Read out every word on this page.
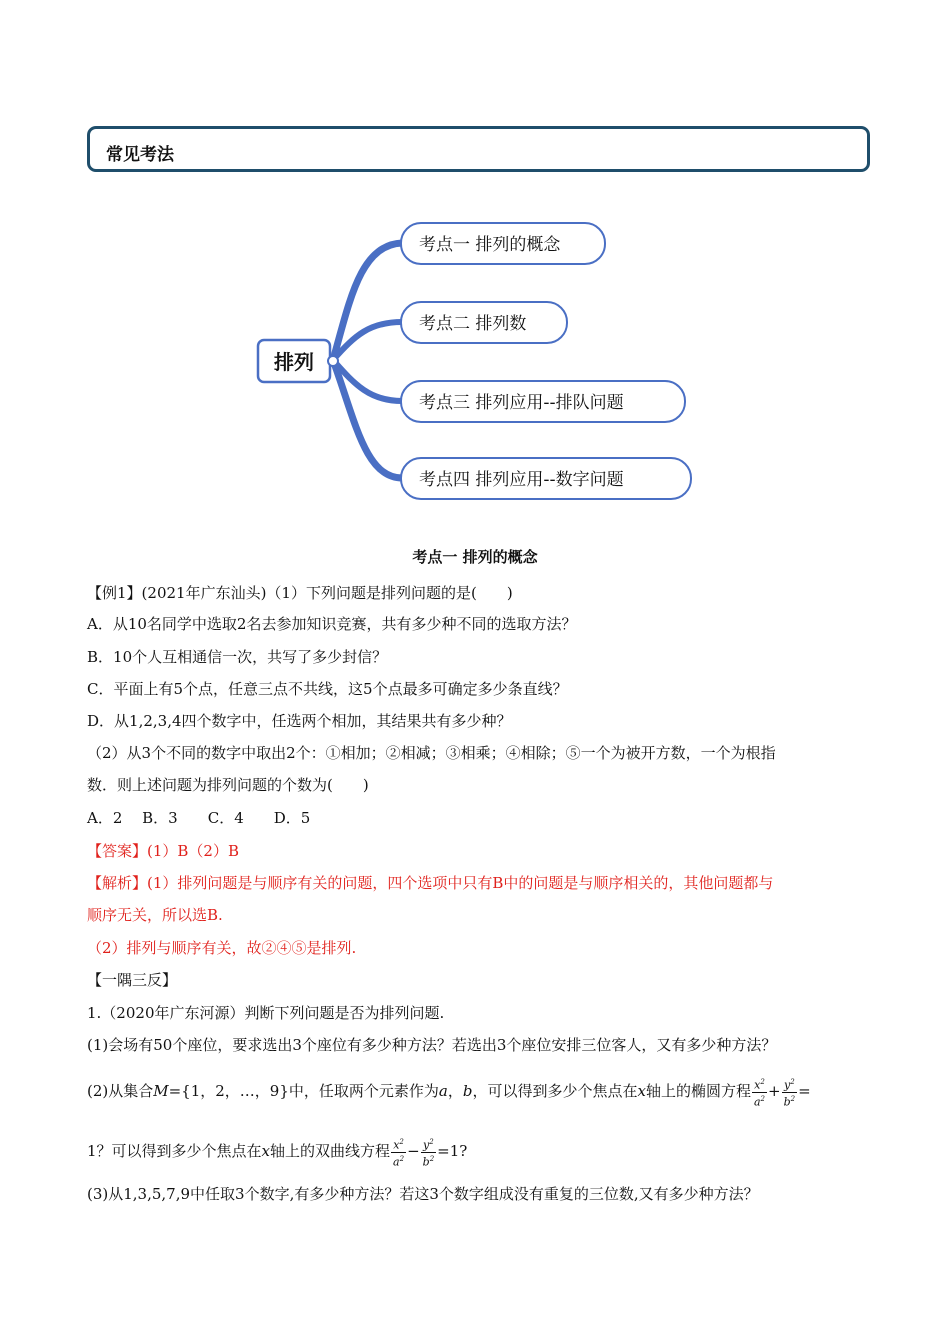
常见考法
排列
考点一 排列的概念
考点二 排列数
考点三 排列应用--排队问题
考点四 排列应用--数字问题
考点一 排列的概念
【例1】(2021年广东汕头)（1）下列问题是排列问题的是(　　)
A．从10名同学中选取2名去参加知识竞赛，共有多少种不同的选取方法？
B．10个人互相通信一次，共写了多少封信？
C．平面上有5个点，任意三点不共线，这5个点最多可确定多少条直线？
D．从1,2,3,4四个数字中，任选两个相加，其结果共有多少种？
（2）从3个不同的数字中取出2个：①相加；②相减；③相乘；④相除；⑤一个为被开方数，一个为根指
数．则上述问题为排列问题的个数为(　　)
A．2　 B．3　　C．4　　D．5
【答案】(1）B（2）B
【解析】(1）排列问题是与顺序有关的问题，四个选项中只有B中的问题是与顺序相关的，其他问题都与
顺序无关，所以选B.
（2）排列与顺序有关，故②④⑤是排列.
【一隅三反】
1.（2020年广东河源）判断下列问题是否为排列问题.
(1)会场有50个座位，要求选出3个座位有多少种方法？若选出3个座位安排三位客人，又有多少种方法？
(2)从集合M={1，2，…，9}中，任取两个元素作为a，b，可以得到多少个焦点在x轴上的椭圆方程 $\frac{x^2}{a^2} + \frac{y^2}{b^2}$ =
1？可以得到多少个焦点在x轴上的双曲线方程 $\frac{x^2}{a^2} - \frac{y^2}{b^2} =1$?
(3)从1,3,5,7,9中任取3个数字,有多少种方法？若这3个数字组成没有重复的三位数,又有多少种方法？
